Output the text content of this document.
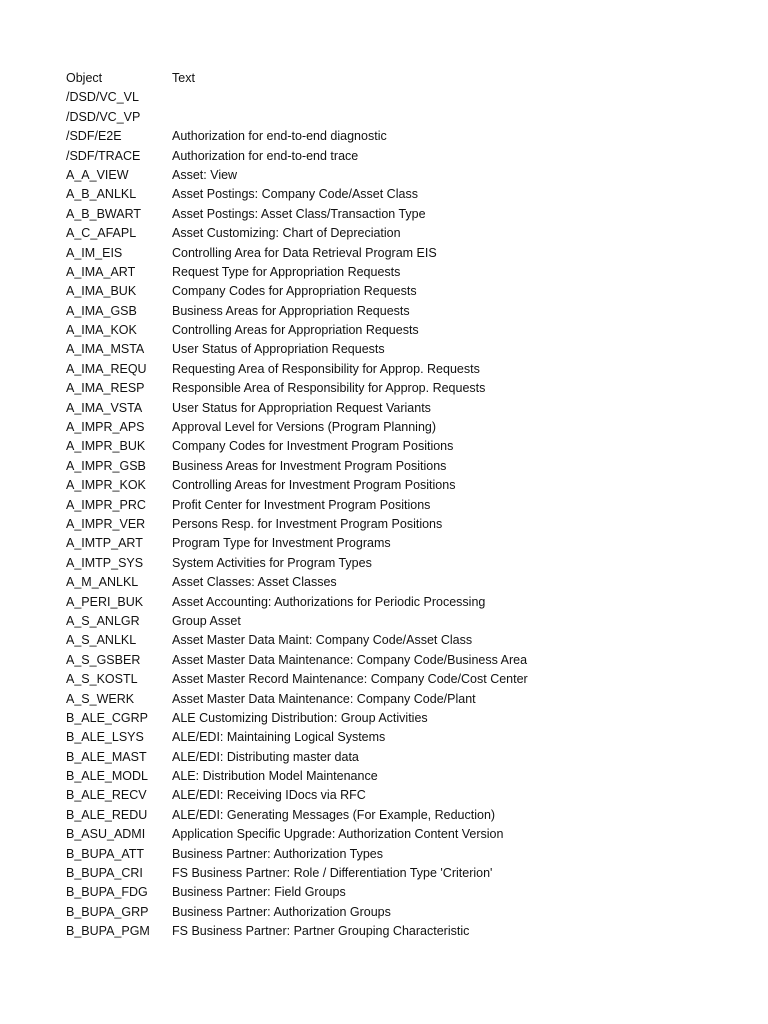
Object	Text
/DSD/VC_VL
/DSD/VC_VP
/SDF/E2E	Authorization for end-to-end diagnostic
/SDF/TRACE	Authorization for end-to-end trace
A_A_VIEW	Asset: View
A_B_ANLKL	Asset Postings: Company Code/Asset Class
A_B_BWART	Asset Postings: Asset Class/Transaction Type
A_C_AFAPL	Asset Customizing: Chart of Depreciation
A_IM_EIS	Controlling Area for Data Retrieval Program EIS
A_IMA_ART	Request Type for Appropriation Requests
A_IMA_BUK	Company Codes for Appropriation Requests
A_IMA_GSB	Business Areas for Appropriation Requests
A_IMA_KOK	Controlling Areas for Appropriation Requests
A_IMA_MSTA	User Status of Appropriation Requests
A_IMA_REQU	Requesting Area of Responsibility for Approp. Requests
A_IMA_RESP	Responsible Area of Responsibility for Approp. Requests
A_IMA_VSTA	User Status for Appropriation Request Variants
A_IMPR_APS	Approval Level for Versions (Program Planning)
A_IMPR_BUK	Company Codes for Investment Program Positions
A_IMPR_GSB	Business Areas for Investment Program Positions
A_IMPR_KOK	Controlling Areas for Investment Program Positions
A_IMPR_PRC	Profit Center for Investment Program Positions
A_IMPR_VER	Persons Resp. for Investment Program Positions
A_IMTP_ART	Program Type for Investment Programs
A_IMTP_SYS	System Activities for Program Types
A_M_ANLKL	Asset Classes: Asset Classes
A_PERI_BUK	Asset Accounting: Authorizations for Periodic Processing
A_S_ANLGR	Group Asset
A_S_ANLKL	Asset Master Data Maint: Company Code/Asset Class
A_S_GSBER	Asset Master Data Maintenance: Company Code/Business Area
A_S_KOSTL	Asset Master Record Maintenance: Company Code/Cost Center
A_S_WERK	Asset Master Data Maintenance: Company Code/Plant
B_ALE_CGRP	ALE Customizing Distribution: Group Activities
B_ALE_LSYS	ALE/EDI: Maintaining Logical Systems
B_ALE_MAST	ALE/EDI: Distributing master data
B_ALE_MODL	ALE: Distribution Model Maintenance
B_ALE_RECV	ALE/EDI: Receiving IDocs via RFC
B_ALE_REDU	ALE/EDI: Generating Messages (For Example, Reduction)
B_ASU_ADMI	Application Specific Upgrade: Authorization Content Version
B_BUPA_ATT	Business Partner: Authorization Types
B_BUPA_CRI	FS Business Partner: Role / Differentiation Type 'Criterion'
B_BUPA_FDG	Business Partner: Field Groups
B_BUPA_GRP	Business Partner: Authorization Groups
B_BUPA_PGM	FS Business Partner: Partner Grouping Characteristic
